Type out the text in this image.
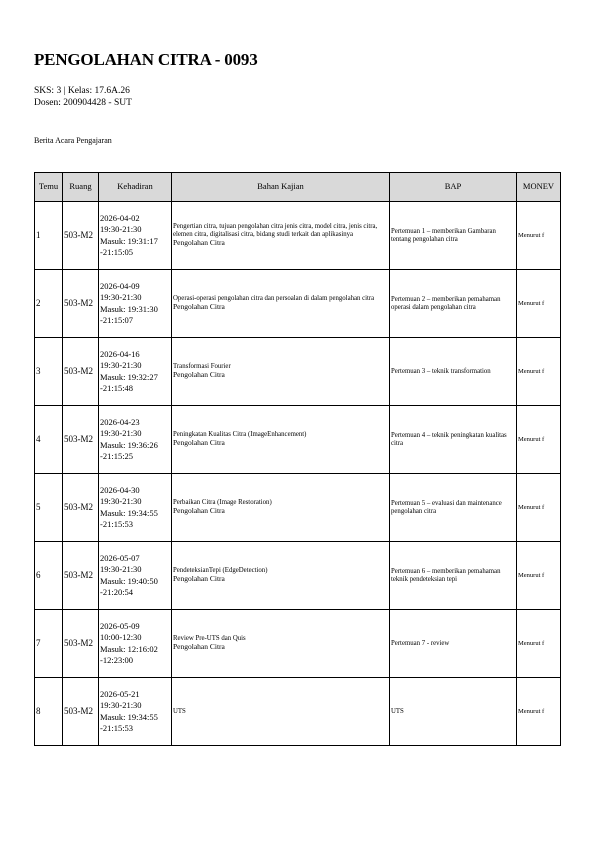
PENGOLAHAN CITRA - 0093
SKS: 3 | Kelas: 17.6A.26
Dosen: 200904428 - SUT
Berita Acara Pengajaran
Temu	Ruang	Kehadiran	Bahan Kajian	BAP	MONEV
1	503-M2	2026-04-02
19:30-21:30
Masuk: 19:31:17
-21:15:05	Pengertian citra, tujuan pengolahan citra jenis citra, model citra, jenis citra, elemen citra, digitalisasi citra, bidang studi terkait dan aplikasinya
Pengolahan Citra	Pertemuan 1 – memberikan Gambaran tentang pengolahan citra	Menurut f
2	503-M2	2026-04-09
19:30-21:30
Masuk: 19:31:30
-21:15:07	Operasi-operasi pengolahan citra dan persoalan di dalam pengolahan citra
Pengolahan Citra	Pertemuan 2 – memberikan pemahaman operasi dalam pengolahan citra	Menurut f
3	503-M2	2026-04-16
19:30-21:30
Masuk: 19:32:27
-21:15:48	Transformasi Fourier
Pengolahan Citra	Pertemuan 3 – teknik transformation	Menurut f
4	503-M2	2026-04-23
19:30-21:30
Masuk: 19:36:26
-21:15:25	Peningkatan Kualitas Citra (ImageEnhancement)
Pengolahan Citra	Pertemuan 4 – teknik peningkatan kualitas citra	Menurut f
5	503-M2	2026-04-30
19:30-21:30
Masuk: 19:34:55
-21:15:53	Perbaikan Citra (Image Restoration)
Pengolahan Citra	Pertemuan 5 – evaluasi dan maintenance pengolahan citra	Menurut f
6	503-M2	2026-05-07
19:30-21:30
Masuk: 19:40:50
-21:20:54	PendeteksianTepi (EdgeDetection)
Pengolahan Citra	Pertemuan 6 – memberikan pemahaman teknik pendeteksian tepi	Menurut f
7	503-M2	2026-05-09
10:00-12:30
Masuk: 12:16:02
-12:23:00	Review Pre-UTS dan Quis
Pengolahan Citra	Pertemuan 7 - review	Menurut f
8	503-M2	2026-05-21
19:30-21:30
Masuk: 19:34:55
-21:15:53	UTS	UTS	Menurut f
